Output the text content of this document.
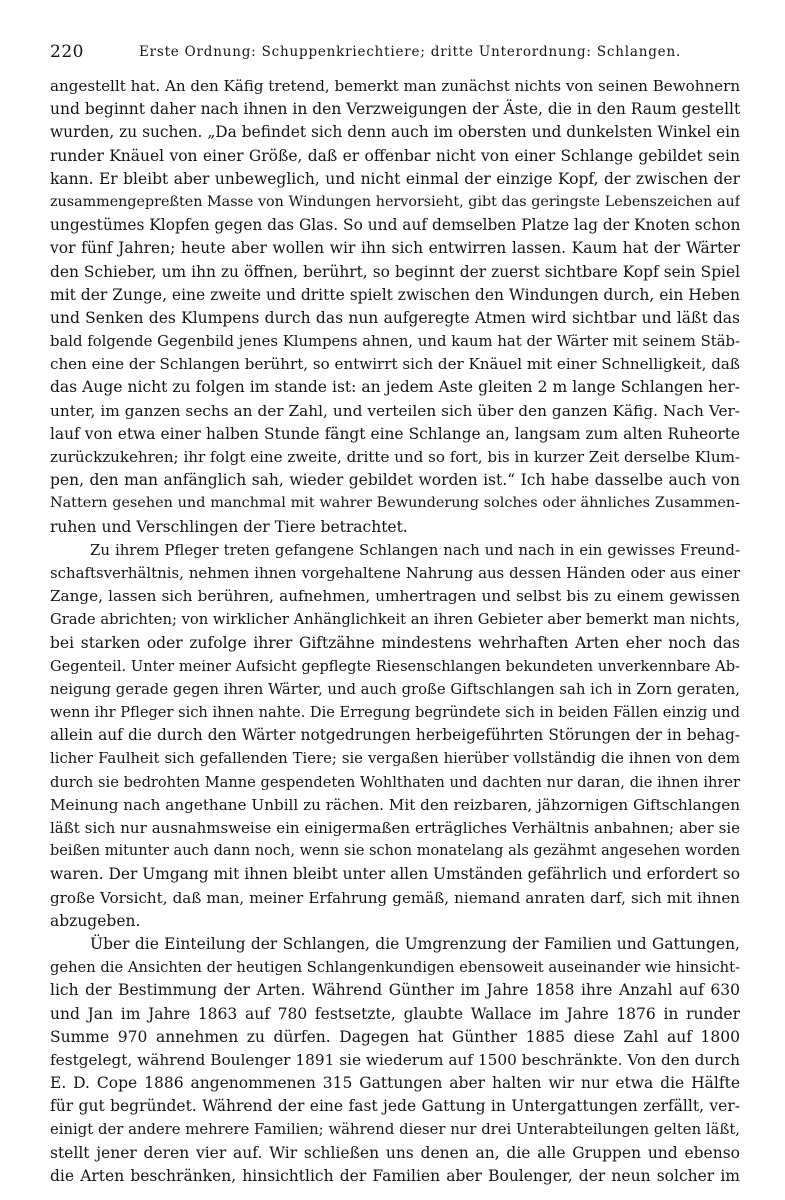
220	Erste Ordnung: Schuppenkriechtiere; dritte Unterordnung: Schlangen.
angestellt hat. An den Käfig tretend, bemerkt man zunächst nichts von seinen Bewohnern
und beginnt daher nach ihnen in den Verzweigungen der Äste, die in den Raum gestellt
wurden, zu suchen. „Da befindet sich denn auch im obersten und dunkelsten Winkel ein
runder Knäuel von einer Größe, daß er offenbar nicht von einer Schlange gebildet sein
kann. Er bleibt aber unbeweglich, und nicht einmal der einzige Kopf, der zwischen der
zusammengepreßten Masse von Windungen hervorsieht, gibt das geringste Lebenszeichen auf
ungestümes Klopfen gegen das Glas. So und auf demselben Platze lag der Knoten schon
vor fünf Jahren; heute aber wollen wir ihn sich entwirren lassen. Kaum hat der Wärter
den Schieber, um ihn zu öffnen, berührt, so beginnt der zuerst sichtbare Kopf sein Spiel
mit der Zunge, eine zweite und dritte spielt zwischen den Windungen durch, ein Heben
und Senken des Klumpens durch das nun aufgeregte Atmen wird sichtbar und läßt das
bald folgende Gegenbild jenes Klumpens ahnen, und kaum hat der Wärter mit seinem Stäb-
chen eine der Schlangen berührt, so entwirrt sich der Knäuel mit einer Schnelligkeit, daß
das Auge nicht zu folgen im stande ist: an jedem Aste gleiten 2 m lange Schlangen her-
unter, im ganzen sechs an der Zahl, und verteilen sich über den ganzen Käfig. Nach Ver-
lauf von etwa einer halben Stunde fängt eine Schlange an, langsam zum alten Ruheorte
zurückzukehren; ihr folgt eine zweite, dritte und so fort, bis in kurzer Zeit derselbe Klum-
pen, den man anfänglich sah, wieder gebildet worden ist.“ Ich habe dasselbe auch von
Nattern gesehen und manchmal mit wahrer Bewunderung solches oder ähnliches Zusammen-
ruhen und Verschlingen der Tiere betrachtet.
Zu ihrem Pfleger treten gefangene Schlangen nach und nach in ein gewisses Freund-
schaftsverhältnis, nehmen ihnen vorgehaltene Nahrung aus dessen Händen oder aus einer
Zange, lassen sich berühren, aufnehmen, umhertragen und selbst bis zu einem gewissen
Grade abrichten; von wirklicher Anhänglichkeit an ihren Gebieter aber bemerkt man nichts,
bei starken oder zufolge ihrer Giftzähne mindestens wehrhaften Arten eher noch das
Gegenteil. Unter meiner Aufsicht gepflegte Riesenschlangen bekundeten unverkennbare Ab-
neigung gerade gegen ihren Wärter, und auch große Giftschlangen sah ich in Zorn geraten,
wenn ihr Pfleger sich ihnen nahte. Die Erregung begründete sich in beiden Fällen einzig und
allein auf die durch den Wärter notgedrungen herbeigeführten Störungen der in behag-
licher Faulheit sich gefallenden Tiere; sie vergaßen hierüber vollständig die ihnen von dem
durch sie bedrohten Manne gespendeten Wohlthaten und dachten nur daran, die ihnen ihrer
Meinung nach angethane Unbill zu rächen. Mit den reizbaren, jähzornigen Giftschlangen
läßt sich nur ausnahmsweise ein einigermaßen erträgliches Verhältnis anbahnen; aber sie
beißen mitunter auch dann noch, wenn sie schon monatelang als gezähmt angesehen worden
waren. Der Umgang mit ihnen bleibt unter allen Umständen gefährlich und erfordert so
große Vorsicht, daß man, meiner Erfahrung gemäß, niemand anraten darf, sich mit ihnen
abzugeben.
Über die Einteilung der Schlangen, die Umgrenzung der Familien und Gattungen,
gehen die Ansichten der heutigen Schlangenkundigen ebensoweit auseinander wie hinsicht-
lich der Bestimmung der Arten. Während Günther im Jahre 1858 ihre Anzahl auf 630
und Jan im Jahre 1863 auf 780 festsetzte, glaubte Wallace im Jahre 1876 in runder
Summe 970 annehmen zu dürfen. Dagegen hat Günther 1885 diese Zahl auf 1800
festgelegt, während Boulenger 1891 sie wiederum auf 1500 beschränkte. Von den durch
E. D. Cope 1886 angenommenen 315 Gattungen aber halten wir nur etwa die Hälfte
für gut begründet. Während der eine fast jede Gattung in Untergattungen zerfällt, ver-
einigt der andere mehrere Familien; während dieser nur drei Unterabteilungen gelten läßt,
stellt jener deren vier auf. Wir schließen uns denen an, die alle Gruppen und ebenso
die Arten beschränken, hinsichtlich der Familien aber Boulenger, der neun solcher im
